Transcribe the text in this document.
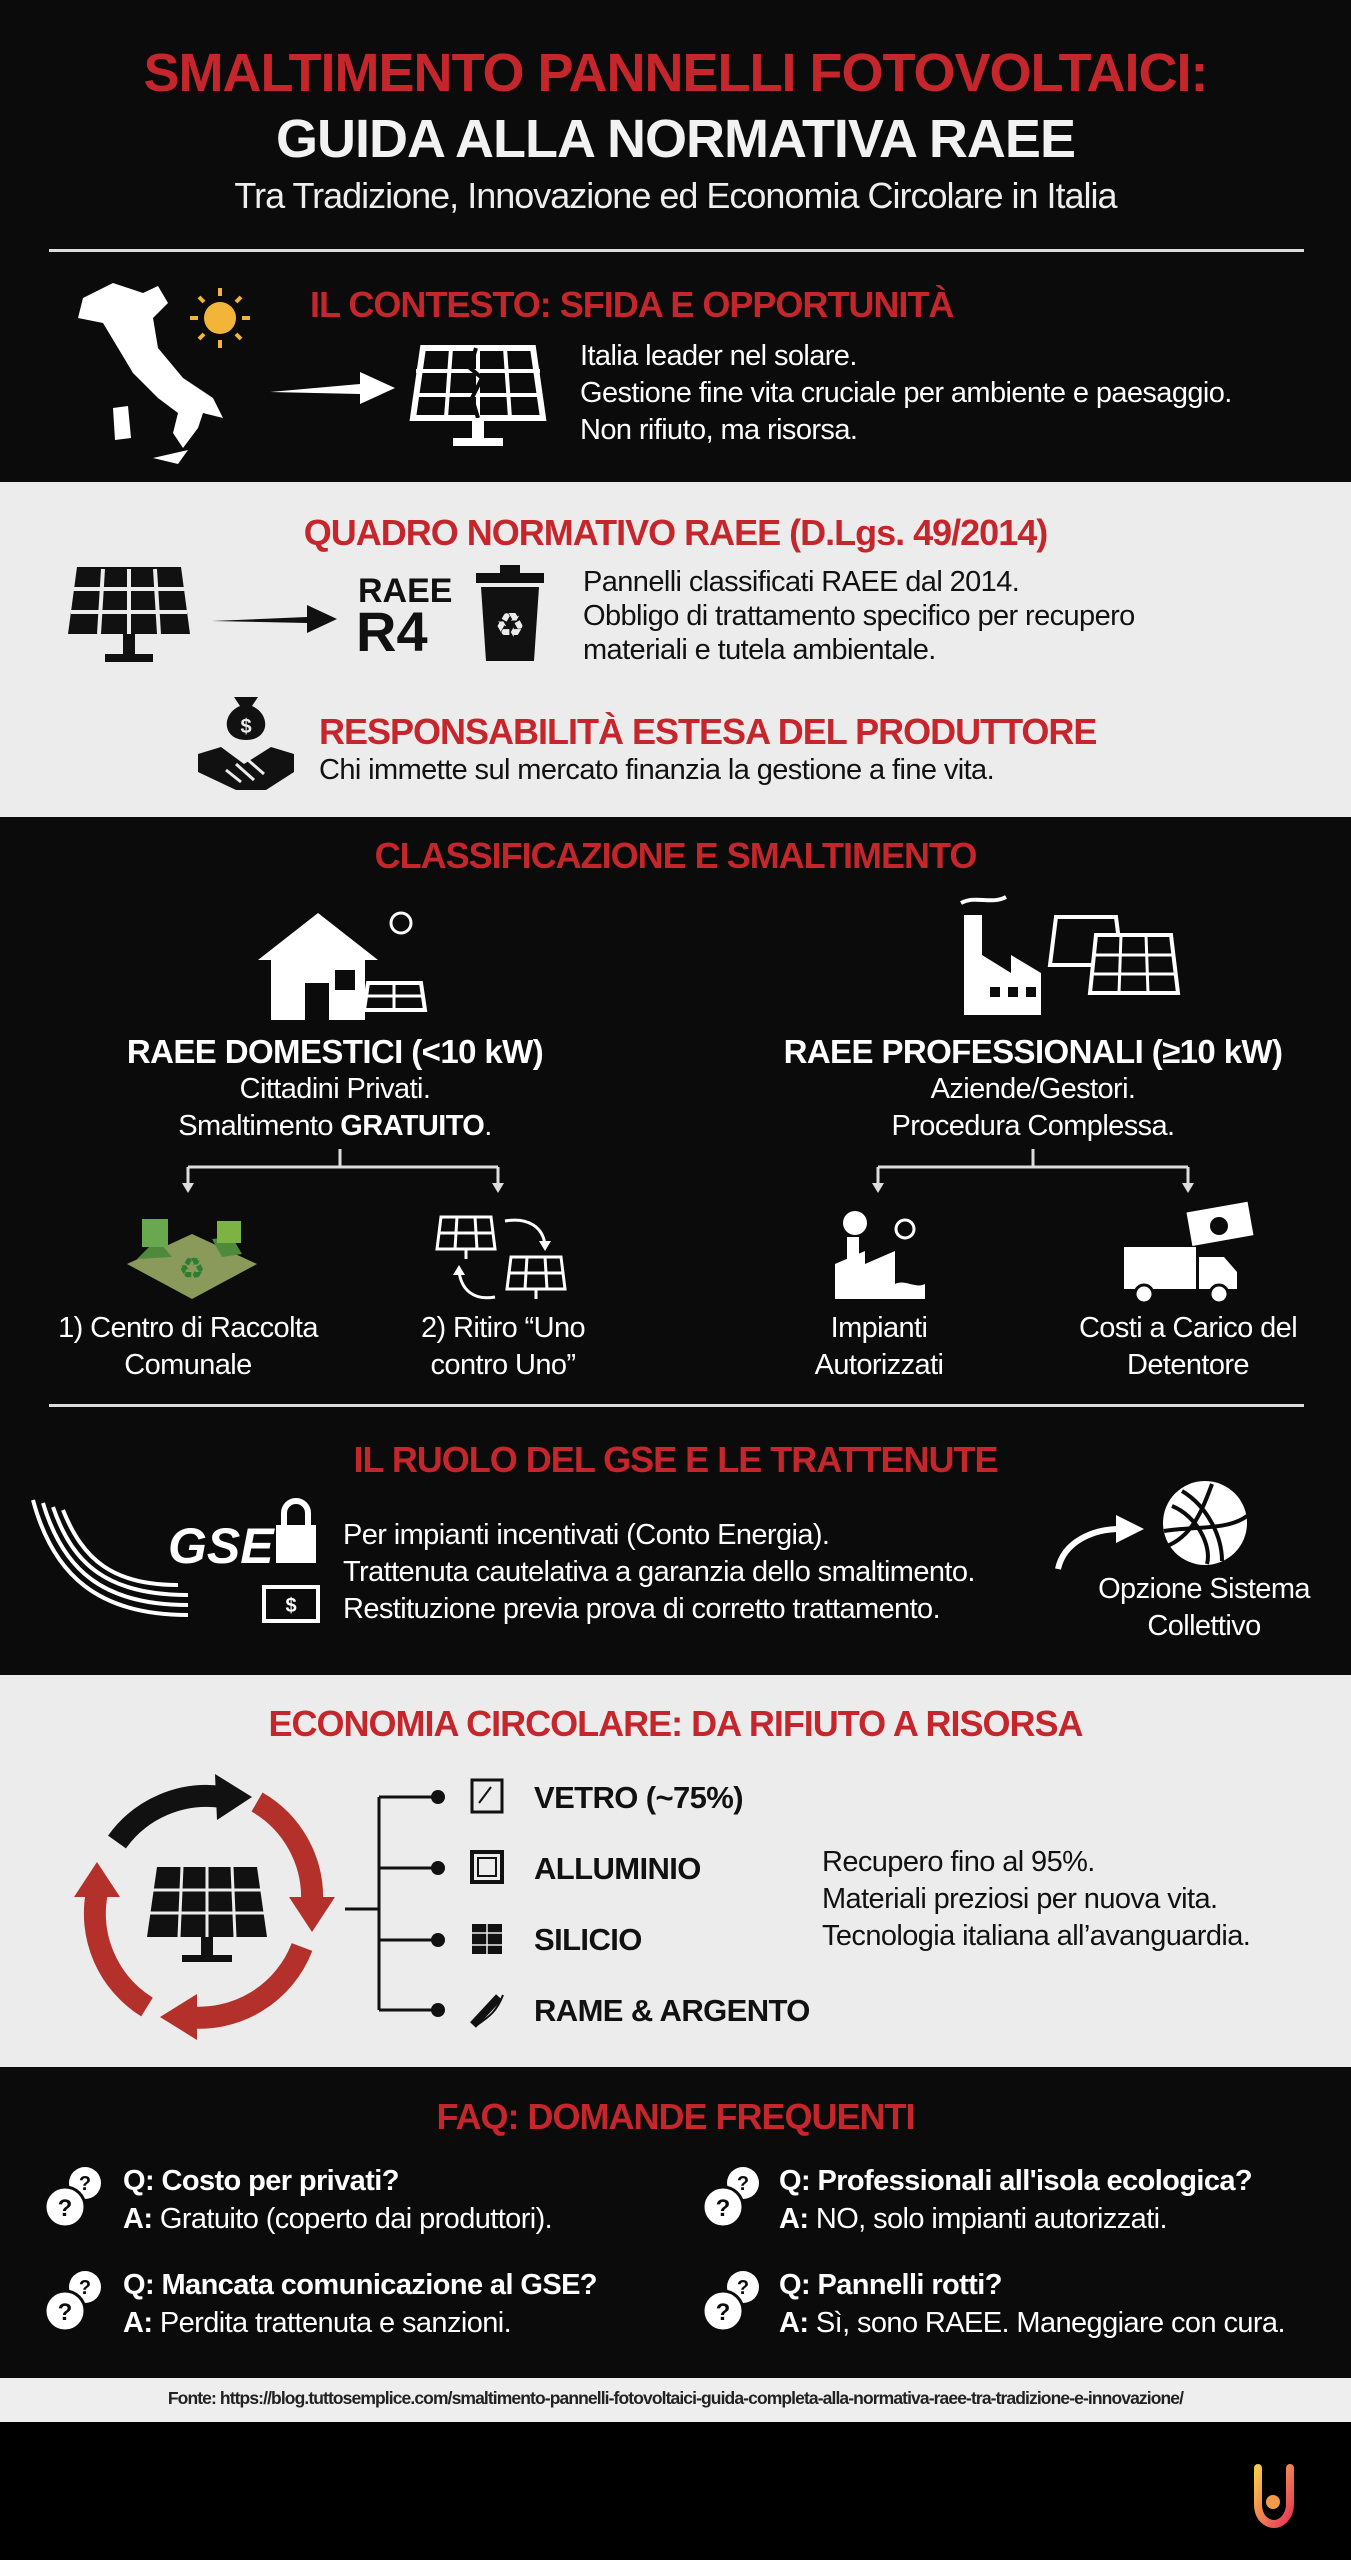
SMALTIMENTO PANNELLI FOTOVOLTAICI:
GUIDA ALLA NORMATIVA RAEE
Tra Tradizione, Innovazione ed Economia Circolare in Italia
IL CONTESTO: SFIDA E OPPORTUNITÀ
Italia leader nel solare.
Gestione fine vita cruciale per ambiente e paesaggio.
Non rifiuto, ma risorsa.
QUADRO NORMATIVO RAEE (D.Lgs. 49/2014)
RAEE
R4 ♻
Pannelli classificati RAEE dal 2014.
Obbligo di trattamento specifico per recupero
materiali e tutela ambientale.
$ RESPONSABILITÀ ESTESA DEL PRODUTTORE
Chi immette sul mercato finanzia la gestione a fine vita.
CLASSIFICAZIONE E SMALTIMENTO
RAEE DOMESTICI (<10 kW)
Cittadini Privati.
Smaltimento GRATUITO.
RAEE PROFESSIONALI (≥10 kW)
Aziende/Gestori.
Procedura Complessa.
♻
1) Centro di Raccolta
Comunale
2) Ritiro “Uno
contro Uno”
Impianti
Autorizzati
Costi a Carico del
Detentore
IL RUOLO DEL GSE E LE TRATTENUTE
GSE
$
Per impianti incentivati (Conto Energia).
Trattenuta cautelativa a garanzia dello smaltimento.
Restituzione previa prova di corretto trattamento.
Opzione Sistema
Collettivo
ECONOMIA CIRCOLARE: DA RIFIUTO A RISORSA
VETRO (~75%)
ALLUMINIO
SILICIO
RAME & ARGENTO
Recupero fino al 95%.
Materiali preziosi per nuova vita.
Tecnologia italiana all’avanguardia.
FAQ: DOMANDE FREQUENTI
?
?
Q: Costo per privati?
A: Gratuito (coperto dai produttori).
?
?
Q: Professionali all'isola ecologica?
A: NO, solo impianti autorizzati.
?
?
Q: Mancata comunicazione al GSE?
A: Perdita trattenuta e sanzioni.
?
?
Q: Pannelli rotti?
A: Sì, sono RAEE. Maneggiare con cura.
Fonte: https://blog.tuttosemplice.com/smaltimento-pannelli-fotovoltaici-guida-completa-alla-normativa-raee-tra-tradizione-e-innovazione/
